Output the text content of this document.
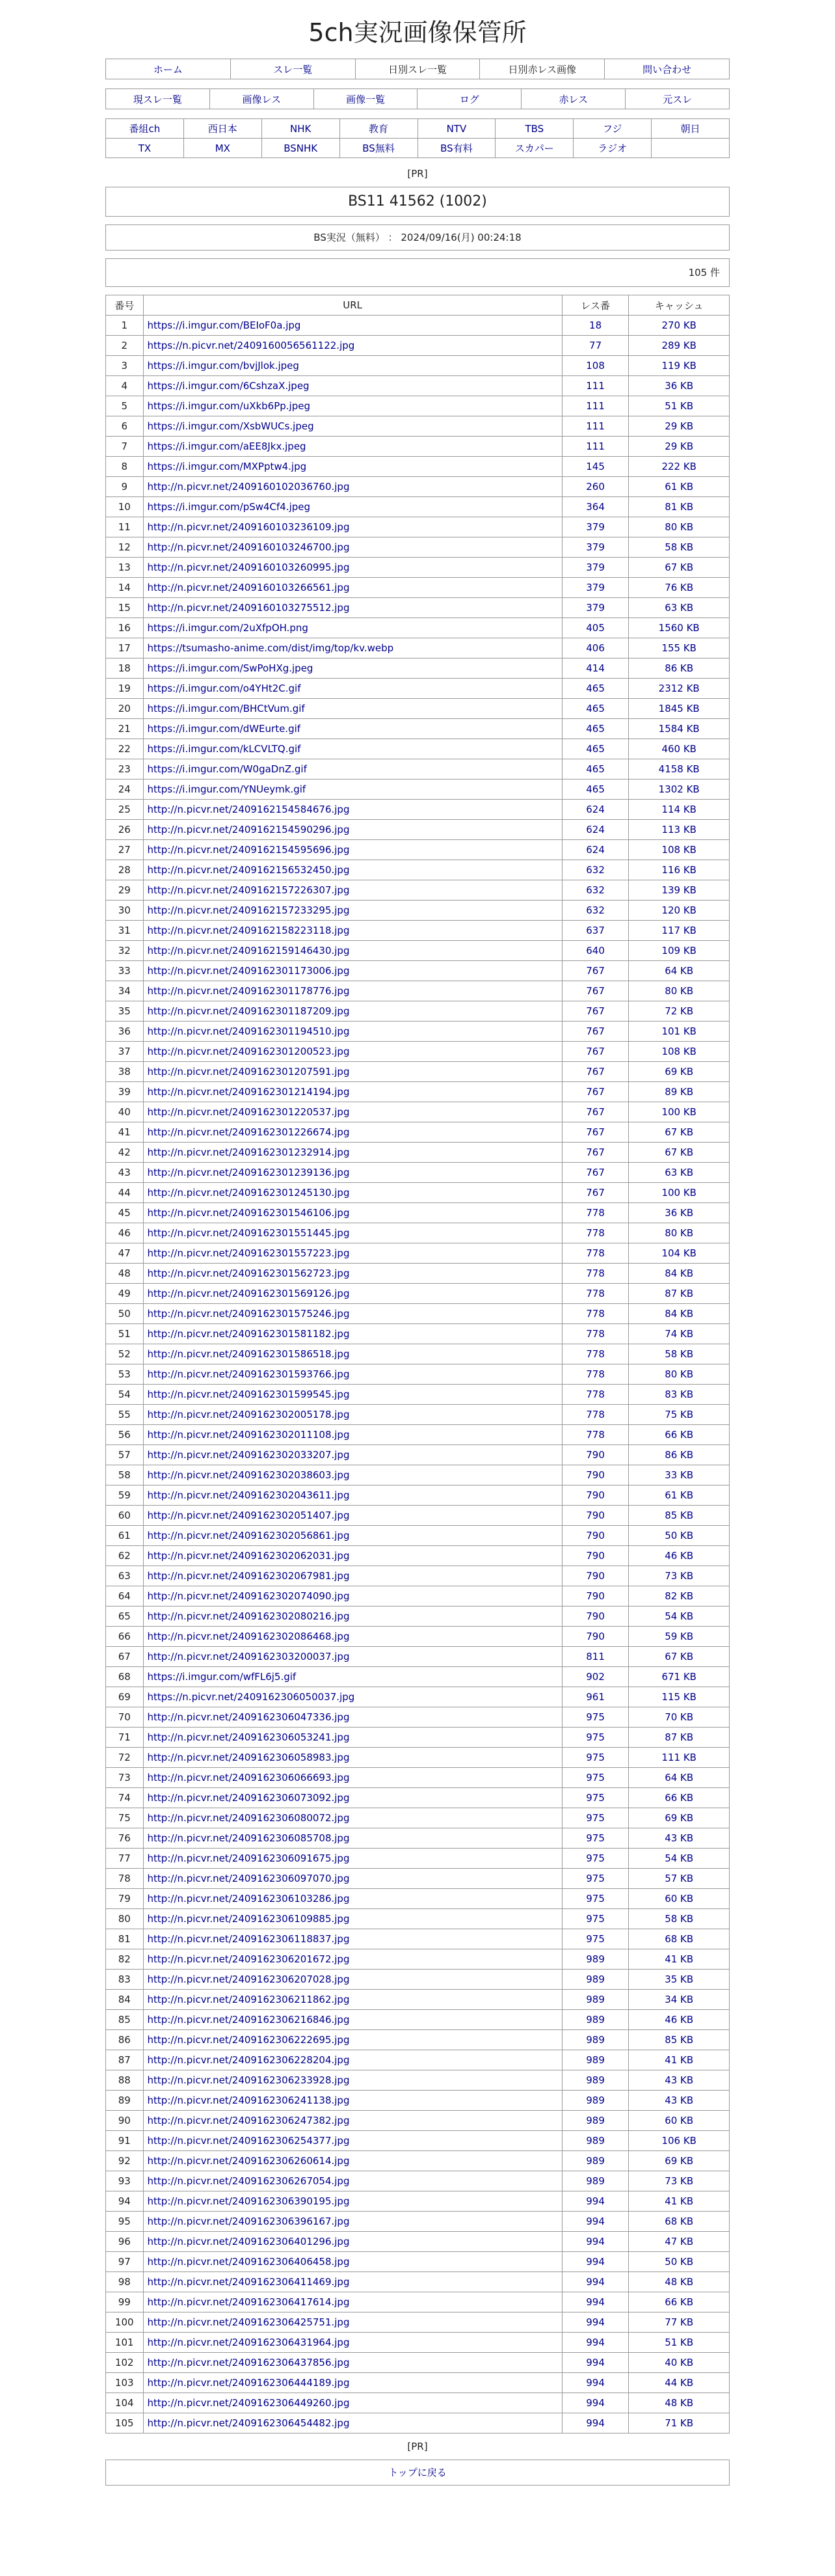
5ch実況画像保管所
ホーム	スレ一覧	日別スレ一覧	日別赤レス画像	問い合わせ
現スレ一覧	画像レス	画像一覧	ログ	赤レス	元スレ
番組ch	西日本	NHK	教育	NTV	TBS	フジ	朝日
TX	MX	BSNHK	BS無料	BS有料	スカパー	ラジオ	
[PR]
BS11 41562 (1002)
BS実況（無料） ： 2024/09/16(月) 00:24:18
105 件
番号	URL	レス番	キャッシュ
1	https://i.imgur.com/BEIoF0a.jpg	18	270 KB
2	https://n.picvr.net/2409160056561122.jpg	77	289 KB
3	https://i.imgur.com/bvjJlok.jpeg	108	119 KB
4	https://i.imgur.com/6CshzaX.jpeg	111	36 KB
5	https://i.imgur.com/uXkb6Pp.jpeg	111	51 KB
6	https://i.imgur.com/XsbWUCs.jpeg	111	29 KB
7	https://i.imgur.com/aEE8Jkx.jpeg	111	29 KB
8	https://i.imgur.com/MXPptw4.jpg	145	222 KB
9	http://n.picvr.net/2409160102036760.jpg	260	61 KB
10	https://i.imgur.com/pSw4Cf4.jpeg	364	81 KB
11	http://n.picvr.net/2409160103236109.jpg	379	80 KB
12	http://n.picvr.net/2409160103246700.jpg	379	58 KB
13	http://n.picvr.net/2409160103260995.jpg	379	67 KB
14	http://n.picvr.net/2409160103266561.jpg	379	76 KB
15	http://n.picvr.net/2409160103275512.jpg	379	63 KB
16	https://i.imgur.com/2uXfpOH.png	405	1560 KB
17	https://tsumasho-anime.com/dist/img/top/kv.webp	406	155 KB
18	https://i.imgur.com/SwPoHXg.jpeg	414	86 KB
19	https://i.imgur.com/o4YHt2C.gif	465	2312 KB
20	https://i.imgur.com/BHCtVum.gif	465	1845 KB
21	https://i.imgur.com/dWEurte.gif	465	1584 KB
22	https://i.imgur.com/kLCVLTQ.gif	465	460 KB
23	https://i.imgur.com/W0gaDnZ.gif	465	4158 KB
24	https://i.imgur.com/YNUeymk.gif	465	1302 KB
25	http://n.picvr.net/2409162154584676.jpg	624	114 KB
26	http://n.picvr.net/2409162154590296.jpg	624	113 KB
27	http://n.picvr.net/2409162154595696.jpg	624	108 KB
28	http://n.picvr.net/2409162156532450.jpg	632	116 KB
29	http://n.picvr.net/2409162157226307.jpg	632	139 KB
30	http://n.picvr.net/2409162157233295.jpg	632	120 KB
31	http://n.picvr.net/2409162158223118.jpg	637	117 KB
32	http://n.picvr.net/2409162159146430.jpg	640	109 KB
33	http://n.picvr.net/2409162301173006.jpg	767	64 KB
34	http://n.picvr.net/2409162301178776.jpg	767	80 KB
35	http://n.picvr.net/2409162301187209.jpg	767	72 KB
36	http://n.picvr.net/2409162301194510.jpg	767	101 KB
37	http://n.picvr.net/2409162301200523.jpg	767	108 KB
38	http://n.picvr.net/2409162301207591.jpg	767	69 KB
39	http://n.picvr.net/2409162301214194.jpg	767	89 KB
40	http://n.picvr.net/2409162301220537.jpg	767	100 KB
41	http://n.picvr.net/2409162301226674.jpg	767	67 KB
42	http://n.picvr.net/2409162301232914.jpg	767	67 KB
43	http://n.picvr.net/2409162301239136.jpg	767	63 KB
44	http://n.picvr.net/2409162301245130.jpg	767	100 KB
45	http://n.picvr.net/2409162301546106.jpg	778	36 KB
46	http://n.picvr.net/2409162301551445.jpg	778	80 KB
47	http://n.picvr.net/2409162301557223.jpg	778	104 KB
48	http://n.picvr.net/2409162301562723.jpg	778	84 KB
49	http://n.picvr.net/2409162301569126.jpg	778	87 KB
50	http://n.picvr.net/2409162301575246.jpg	778	84 KB
51	http://n.picvr.net/2409162301581182.jpg	778	74 KB
52	http://n.picvr.net/2409162301586518.jpg	778	58 KB
53	http://n.picvr.net/2409162301593766.jpg	778	80 KB
54	http://n.picvr.net/2409162301599545.jpg	778	83 KB
55	http://n.picvr.net/2409162302005178.jpg	778	75 KB
56	http://n.picvr.net/2409162302011108.jpg	778	66 KB
57	http://n.picvr.net/2409162302033207.jpg	790	86 KB
58	http://n.picvr.net/2409162302038603.jpg	790	33 KB
59	http://n.picvr.net/2409162302043611.jpg	790	61 KB
60	http://n.picvr.net/2409162302051407.jpg	790	85 KB
61	http://n.picvr.net/2409162302056861.jpg	790	50 KB
62	http://n.picvr.net/2409162302062031.jpg	790	46 KB
63	http://n.picvr.net/2409162302067981.jpg	790	73 KB
64	http://n.picvr.net/2409162302074090.jpg	790	82 KB
65	http://n.picvr.net/2409162302080216.jpg	790	54 KB
66	http://n.picvr.net/2409162302086468.jpg	790	59 KB
67	http://n.picvr.net/2409162303200037.jpg	811	67 KB
68	https://i.imgur.com/wfFL6j5.gif	902	671 KB
69	https://n.picvr.net/2409162306050037.jpg	961	115 KB
70	http://n.picvr.net/2409162306047336.jpg	975	70 KB
71	http://n.picvr.net/2409162306053241.jpg	975	87 KB
72	http://n.picvr.net/2409162306058983.jpg	975	111 KB
73	http://n.picvr.net/2409162306066693.jpg	975	64 KB
74	http://n.picvr.net/2409162306073092.jpg	975	66 KB
75	http://n.picvr.net/2409162306080072.jpg	975	69 KB
76	http://n.picvr.net/2409162306085708.jpg	975	43 KB
77	http://n.picvr.net/2409162306091675.jpg	975	54 KB
78	http://n.picvr.net/2409162306097070.jpg	975	57 KB
79	http://n.picvr.net/2409162306103286.jpg	975	60 KB
80	http://n.picvr.net/2409162306109885.jpg	975	58 KB
81	http://n.picvr.net/2409162306118837.jpg	975	68 KB
82	http://n.picvr.net/2409162306201672.jpg	989	41 KB
83	http://n.picvr.net/2409162306207028.jpg	989	35 KB
84	http://n.picvr.net/2409162306211862.jpg	989	34 KB
85	http://n.picvr.net/2409162306216846.jpg	989	46 KB
86	http://n.picvr.net/2409162306222695.jpg	989	85 KB
87	http://n.picvr.net/2409162306228204.jpg	989	41 KB
88	http://n.picvr.net/2409162306233928.jpg	989	43 KB
89	http://n.picvr.net/2409162306241138.jpg	989	43 KB
90	http://n.picvr.net/2409162306247382.jpg	989	60 KB
91	http://n.picvr.net/2409162306254377.jpg	989	106 KB
92	http://n.picvr.net/2409162306260614.jpg	989	69 KB
93	http://n.picvr.net/2409162306267054.jpg	989	73 KB
94	http://n.picvr.net/2409162306390195.jpg	994	41 KB
95	http://n.picvr.net/2409162306396167.jpg	994	68 KB
96	http://n.picvr.net/2409162306401296.jpg	994	47 KB
97	http://n.picvr.net/2409162306406458.jpg	994	50 KB
98	http://n.picvr.net/2409162306411469.jpg	994	48 KB
99	http://n.picvr.net/2409162306417614.jpg	994	66 KB
100	http://n.picvr.net/2409162306425751.jpg	994	77 KB
101	http://n.picvr.net/2409162306431964.jpg	994	51 KB
102	http://n.picvr.net/2409162306437856.jpg	994	40 KB
103	http://n.picvr.net/2409162306444189.jpg	994	44 KB
104	http://n.picvr.net/2409162306449260.jpg	994	48 KB
105	http://n.picvr.net/2409162306454482.jpg	994	71 KB
[PR]
トップに戻る
